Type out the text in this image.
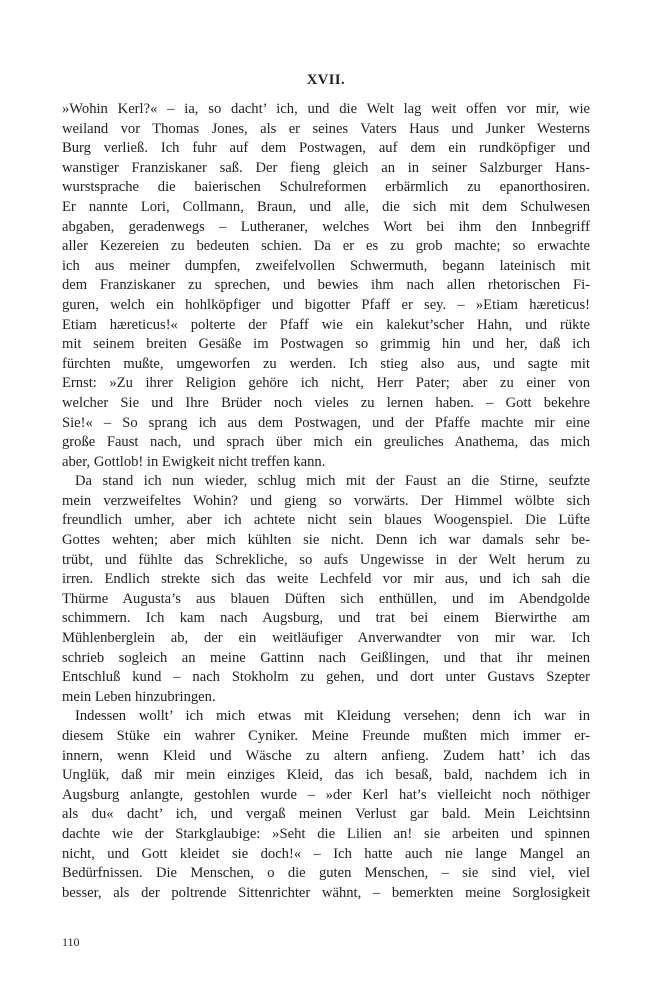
XVII.
»Wohin Kerl?« – ia, so dacht’ ich, und die Welt lag weit offen vor mir, wie
weiland vor Thomas Jones, als er seines Vaters Haus und Junker Westerns
Burg verließ. Ich fuhr auf dem Postwagen, auf dem ein rundköpfiger und
wanstiger Franziskaner saß. Der fieng gleich an in seiner Salzburger Hans-
wurstsprache die baierischen Schulreformen erbärmlich zu epanorthosiren.
Er nannte Lori, Collmann, Braun, und alle, die sich mit dem Schulwesen
abgaben, geradenwegs – Lutheraner, welches Wort bei ihm den Innbegriff
aller Kezereien zu bedeuten schien. Da er es zu grob machte; so erwachte
ich aus meiner dumpfen, zweifelvollen Schwermuth, begann lateinisch mit
dem Franziskaner zu sprechen, und bewies ihm nach allen rhetorischen Fi-
guren, welch ein hohlköpfiger und bigotter Pfaff er sey. – »Etiam hæreticus!
Etiam hæreticus!« polterte der Pfaff wie ein kalekut’scher Hahn, und rükte
mit seinem breiten Gesäße im Postwagen so grimmig hin und her, daß ich
fürchten mußte, umgeworfen zu werden. Ich stieg also aus, und sagte mit
Ernst: »Zu ihrer Religion gehöre ich nicht, Herr Pater; aber zu einer von
welcher Sie und Ihre Brüder noch vieles zu lernen haben. – Gott bekehre
Sie!« – So sprang ich aus dem Postwagen, und der Pfaffe machte mir eine
große Faust nach, und sprach über mich ein greuliches Anathema, das mich
aber, Gottlob! in Ewigkeit nicht treffen kann.
Da stand ich nun wieder, schlug mich mit der Faust an die Stirne, seufzte
mein verzweifeltes Wohin? und gieng so vorwärts. Der Himmel wölbte sich
freundlich umher, aber ich achtete nicht sein blaues Woogenspiel. Die Lüfte
Gottes wehten; aber mich kühlten sie nicht. Denn ich war damals sehr be-
trübt, und fühlte das Schrekliche, so aufs Ungewisse in der Welt herum zu
irren. Endlich strekte sich das weite Lechfeld vor mir aus, und ich sah die
Thürme Augusta’s aus blauen Düften sich enthüllen, und im Abendgolde
schimmern. Ich kam nach Augsburg, und trat bei einem Bierwirthe am
Mühlenberglein ab, der ein weitläufiger Anverwandter von mir war. Ich
schrieb sogleich an meine Gattinn nach Geißlingen, und that ihr meinen
Entschluß kund – nach Stokholm zu gehen, und dort unter Gustavs Szepter
mein Leben hinzubringen.
Indessen wollt’ ich mich etwas mit Kleidung versehen; denn ich war in
diesem Stüke ein wahrer Cyniker. Meine Freunde mußten mich immer er-
innern, wenn Kleid und Wäsche zu altern anfieng. Zudem hatt’ ich das
Unglük, daß mir mein einziges Kleid, das ich besaß, bald, nachdem ich in
Augsburg anlangte, gestohlen wurde – »der Kerl hat’s vielleicht noch nöthiger
als du« dacht’ ich, und vergaß meinen Verlust gar bald. Mein Leichtsinn
dachte wie der Starkglaubige: »Seht die Lilien an! sie arbeiten und spinnen
nicht, und Gott kleidet sie doch!« – Ich hatte auch nie lange Mangel an
Bedürfnissen. Die Menschen, o die guten Menschen, – sie sind viel, viel
besser, als der poltrende Sittenrichter wähnt, – bemerkten meine Sorglosigkeit
110
